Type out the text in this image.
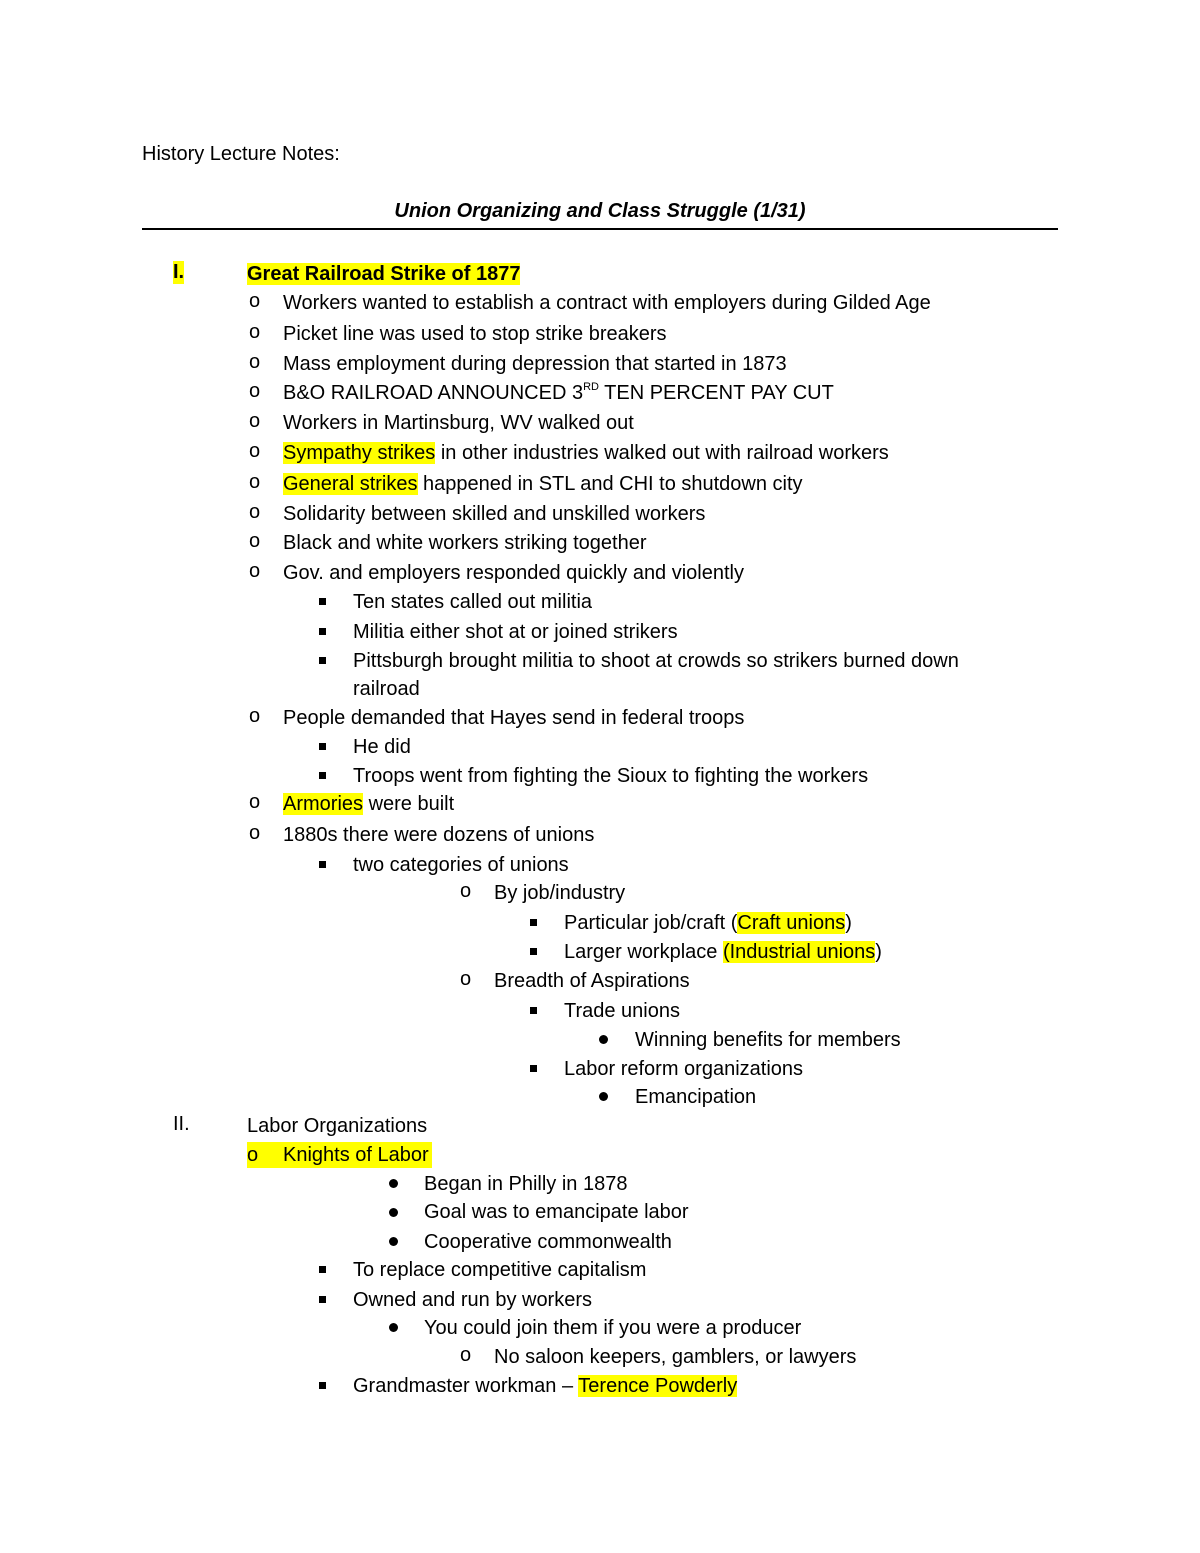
History Lecture Notes:
Union Organizing and Class Struggle (1/31)
I.	Great Railroad Strike of 1877
o Workers wanted to establish a contract with employers during Gilded Age
o Picket line was used to stop strike breakers
o Mass employment during depression that started in 1873
o B&O RAILROAD ANNOUNCED 3RD TEN PERCENT PAY CUT
o Workers in Martinsburg, WV walked out
o Sympathy strikes in other industries walked out with railroad workers
o General strikes happened in STL and CHI to shutdown city
o Solidarity between skilled and unskilled workers
o Black and white workers striking together
o Gov. and employers responded quickly and violently
Ten states called out militia
Militia either shot at or joined strikers
Pittsburgh brought militia to shoot at crowds so strikers burned down railroad
o People demanded that Hayes send in federal troops
He did
Troops went from fighting the Sioux to fighting the workers
o Armories were built
o 1880s there were dozens of unions
two categories of unions
o By job/industry
Particular job/craft (Craft unions)
Larger workplace (Industrial unions)
o Breadth of Aspirations
Trade unions
Winning benefits for members
Labor reform organizations
Emancipation
II.	Labor Organizations
o Knights of Labor
Began in Philly in 1878
Goal was to emancipate labor
Cooperative commonwealth
To replace competitive capitalism
Owned and run by workers
You could join them if you were a producer
o No saloon keepers, gamblers, or lawyers
Grandmaster workman – Terence Powderly
